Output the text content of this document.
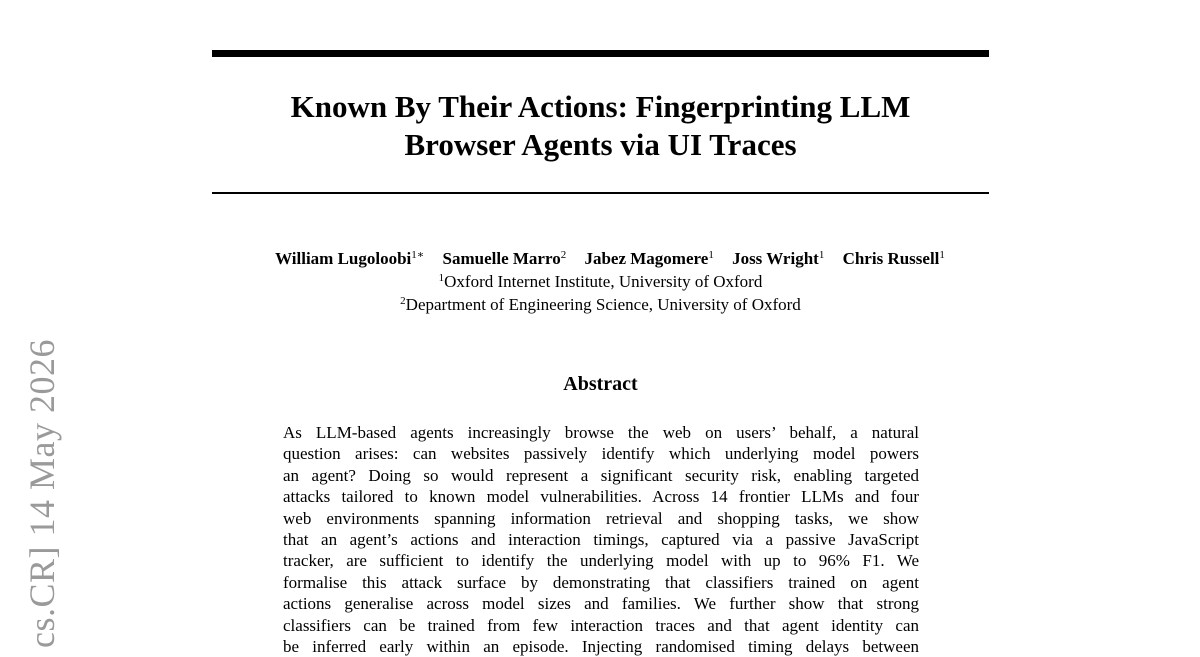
Known By Their Actions: Fingerprinting LLM
Browser Agents via UI Traces
William Lugoloobi$^{1∗}$ Samuelle Marro$^2$ Jabez Magomere$^1$ Joss Wright$^1$ Chris Russell$^1$
$^1$Oxford Internet Institute, University of Oxford
$^2$Department of Engineering Science, University of Oxford
Abstract
As LLM-based agents increasingly browse the web on users’ behalf, a natural
question arises: can websites passively identify which underlying model powers
an agent? Doing so would represent a significant security risk, enabling targeted
attacks tailored to known model vulnerabilities. Across 14 frontier LLMs and four
web environments spanning information retrieval and shopping tasks, we show
that an agent’s actions and interaction timings, captured via a passive JavaScript
tracker, are sufficient to identify the underlying model with up to 96% F1. We
formalise this attack surface by demonstrating that classifiers trained on agent
actions generalise across model sizes and families. We further show that strong
classifiers can be trained from few interaction traces and that agent identity can
be inferred early within an episode. Injecting randomised timing delays between
cs.CR] 14 May 2026
